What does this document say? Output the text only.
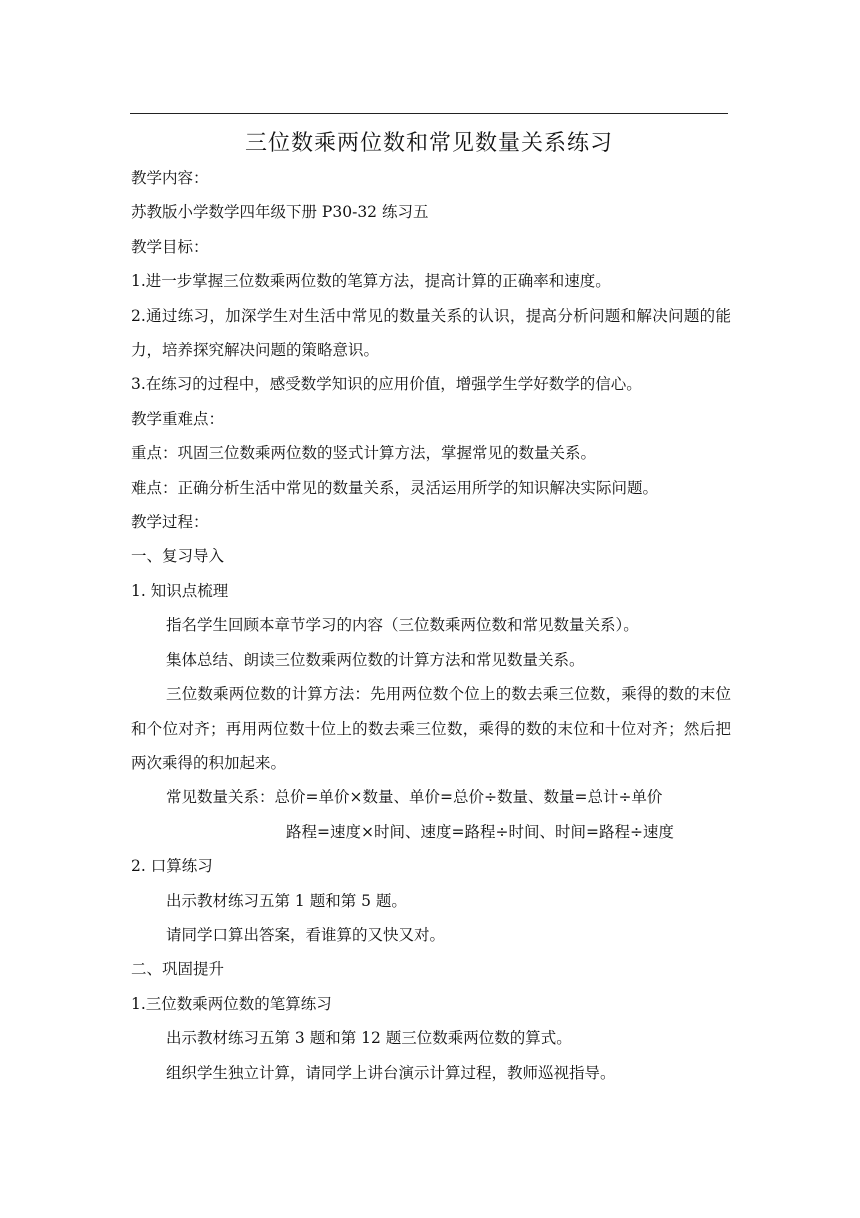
三位数乘两位数和常见数量关系练习

教学内容：

苏教版小学数学四年级下册 P30-32 练习五

教学目标：

1.进一步掌握三位数乘两位数的笔算方法，提高计算的正确率和速度。

2.通过练习，加深学生对生活中常见的数量关系的认识，提高分析问题和解决问题的能力，培养探究解决问题的策略意识。

3.在练习的过程中，感受数学知识的应用价值，增强学生学好数学的信心。

教学重难点：

重点：巩固三位数乘两位数的竖式计算方法，掌握常见的数量关系。

难点：正确分析生活中常见的数量关系，灵活运用所学的知识解决实际问题。

教学过程：

一、复习导入

1. 知识点梳理

指名学生回顾本章节学习的内容（三位数乘两位数和常见数量关系）。

集体总结、朗读三位数乘两位数的计算方法和常见数量关系。

三位数乘两位数的计算方法：先用两位数个位上的数去乘三位数，乘得的数的末位和个位对齐；再用两位数十位上的数去乘三位数，乘得的数的末位和十位对齐；然后把两次乘得的积加起来。

常见数量关系：总价=单价×数量、单价=总价÷数量、数量=总计÷单价

路程=速度×时间、速度=路程÷时间、时间=路程÷速度

2. 口算练习

出示教材练习五第 1 题和第 5 题。

请同学口算出答案，看谁算的又快又对。

二、巩固提升

1.三位数乘两位数的笔算练习

出示教材练习五第 3 题和第 12 题三位数乘两位数的算式。

组织学生独立计算，请同学上讲台演示计算过程，教师巡视指导。
